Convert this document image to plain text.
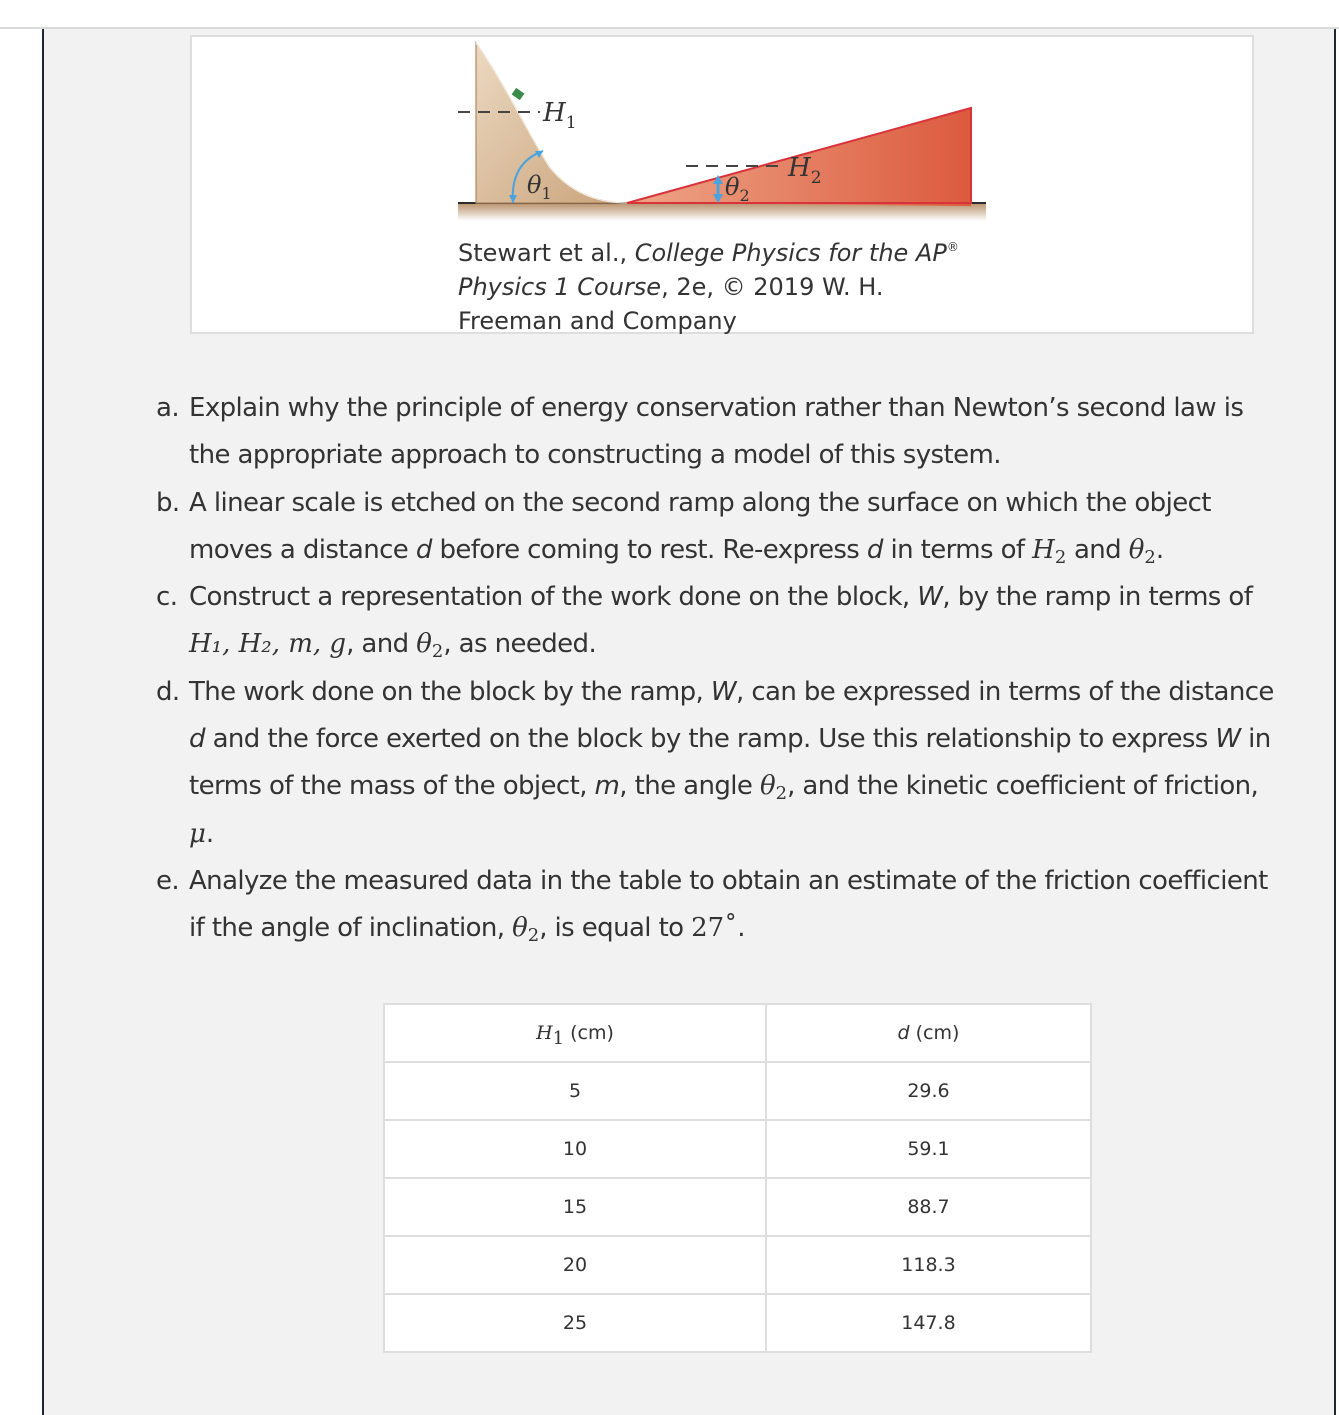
$H_1$
$\theta_1$
$H_2$
$\theta_2$
Stewart et al., College Physics for the AP® Physics 1 Course, 2e, © 2019 W. H. Freeman and Company
a. Explain why the principle of energy conservation rather than Newton’s second law is the appropriate approach to constructing a model of this system.
b. A linear scale is etched on the second ramp along the surface on which the object moves a distance d before coming to rest. Re-express d in terms of $H_2$ and $\theta_2$.
c. Construct a representation of the work done on the block, W, by the ramp in terms of H₁, H₂, m, g, and $\theta_2$, as needed.
d. The work done on the block by the ramp, W, can be expressed in terms of the distance d and the force exerted on the block by the ramp. Use this relationship to express W in terms of the mass of the object, m, the angle $\theta_2$, and the kinetic coefficient of friction, μ.
e. Analyze the measured data in the table to obtain an estimate of the friction coefficient if the angle of inclination, $\theta_2$, is equal to 27˚.
$H_1$ (cm)	d (cm)
5	29.6
10	59.1
15	88.7
20	118.3
25	147.8
